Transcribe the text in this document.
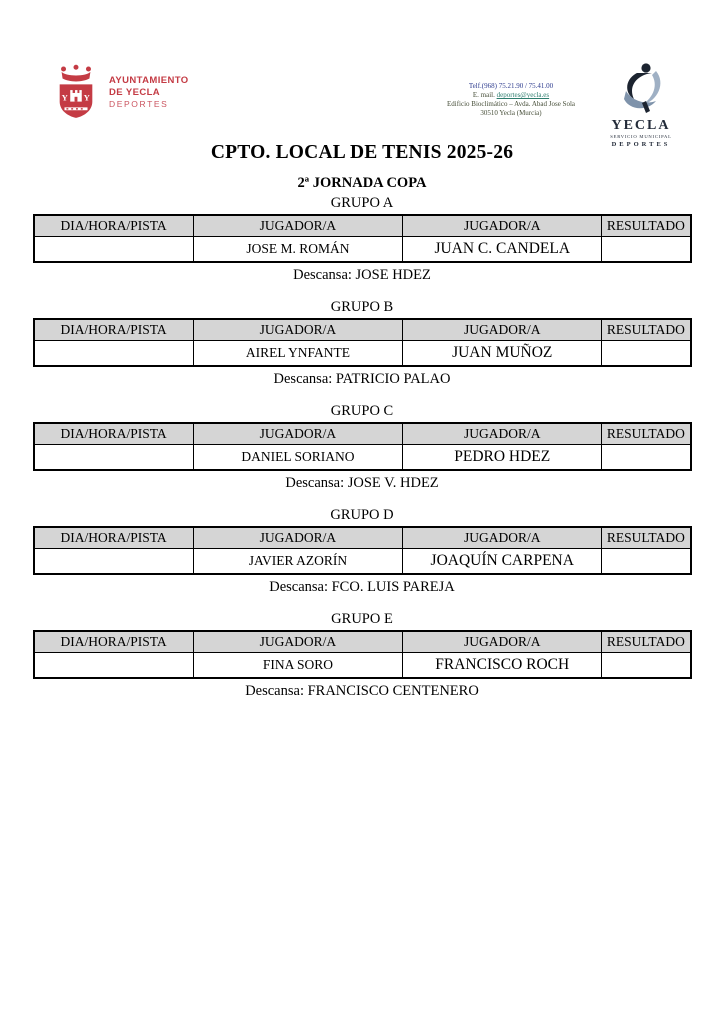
Y Y
AYUNTAMIENTO
DE YECLA
DEPORTES
Telf.(968) 75.21.90 / 75.41.00
E. mail. deportes@yecla.es
Edificio Bioclimático – Avda. Abad Jose Sola
30510 Yecla (Murcia)
YECLA
SERVICIO MUNICIPAL
DEPORTES
CPTO. LOCAL DE TENIS 2025-26
2ª JORNADA COPA
GRUPO A
DIA/HORA/PISTA	JUGADOR/A	JUGADOR/A	RESULTADO
	JOSE M. ROMÁN	JUAN C. CANDELA	
Descansa: JOSE HDEZ
GRUPO B
DIA/HORA/PISTA	JUGADOR/A	JUGADOR/A	RESULTADO
	AIREL YNFANTE	JUAN MUÑOZ	
Descansa: PATRICIO PALAO
GRUPO C
DIA/HORA/PISTA	JUGADOR/A	JUGADOR/A	RESULTADO
	DANIEL SORIANO	PEDRO HDEZ	
Descansa: JOSE V. HDEZ
GRUPO D
DIA/HORA/PISTA	JUGADOR/A	JUGADOR/A	RESULTADO
	JAVIER AZORÍN	JOAQUÍN CARPENA	
Descansa: FCO. LUIS PAREJA
GRUPO E
DIA/HORA/PISTA	JUGADOR/A	JUGADOR/A	RESULTADO
	FINA SORO	FRANCISCO ROCH	
Descansa: FRANCISCO CENTENERO
